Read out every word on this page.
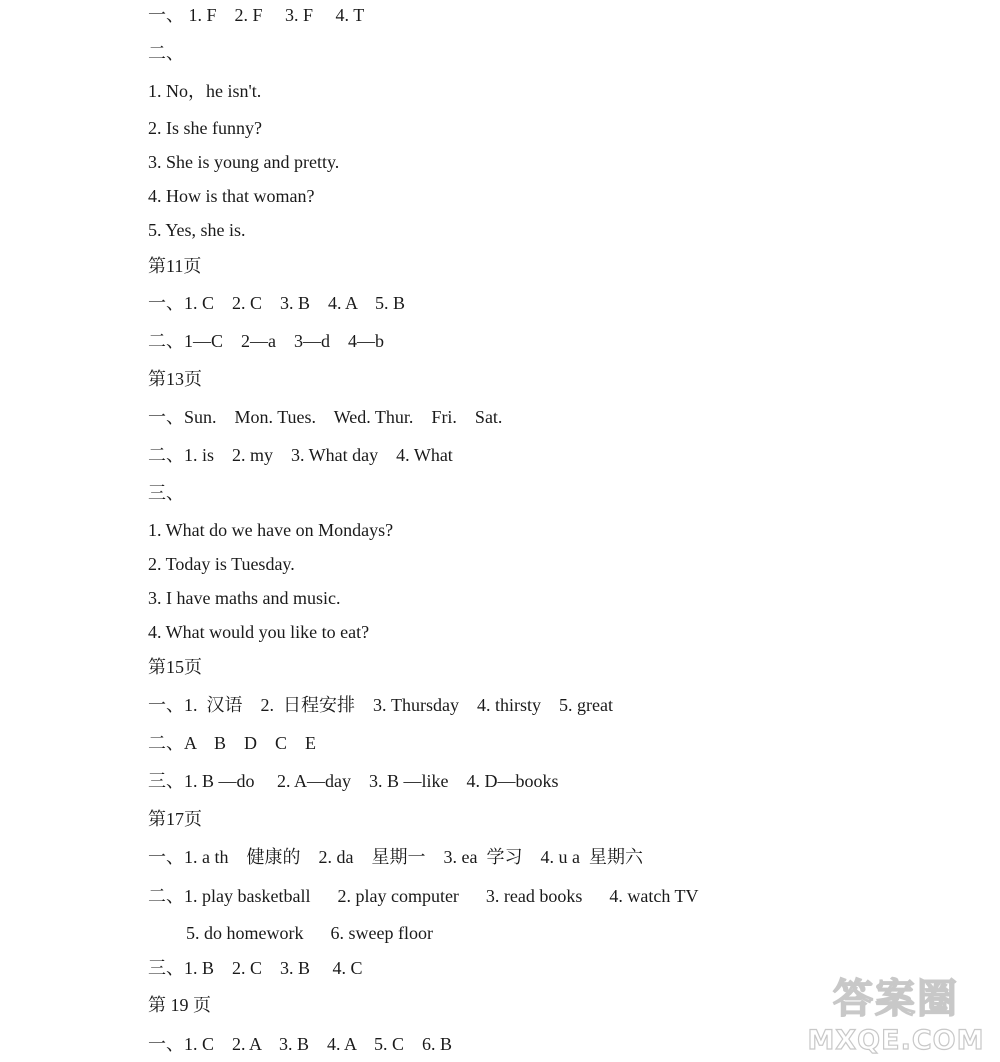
一、 1. F    2. F     3. F     4. T
二、
1. No，he isn't.
2. Is she funny?
3. She is young and pretty.
4. How is that woman?
5. Yes, she is.
第11页
一、1. C    2. C    3. B    4. A    5. B
二、1—C    2—a    3—d    4—b
第13页
一、Sun.    Mon. Tues.    Wed. Thur.    Fri.    Sat.
二、1. is    2. my    3. What day    4. What
三、
1. What do we have on Mondays?
2. Today is Tuesday.
3. I have maths and music.
4. What would you like to eat?
第15页
一、1.  汉语    2.  日程安排    3. Thursday    4. thirsty    5. great
二、A    B    D    C    E
三、1. B —do     2. A—day    3. B —like    4. D—books
第17页
一、1. a th    健康的    2. da    星期一    3. ea  学习    4. u a  星期六
二、1. play basketball      2. play computer      3. read books      4. watch TV
5. do homework      6. sweep floor
三、1. B    2. C    3. B     4. C
第 19 页
一、1. C    2. A    3. B    4. A    5. C    6. B
答案圈
MXQE.COM
